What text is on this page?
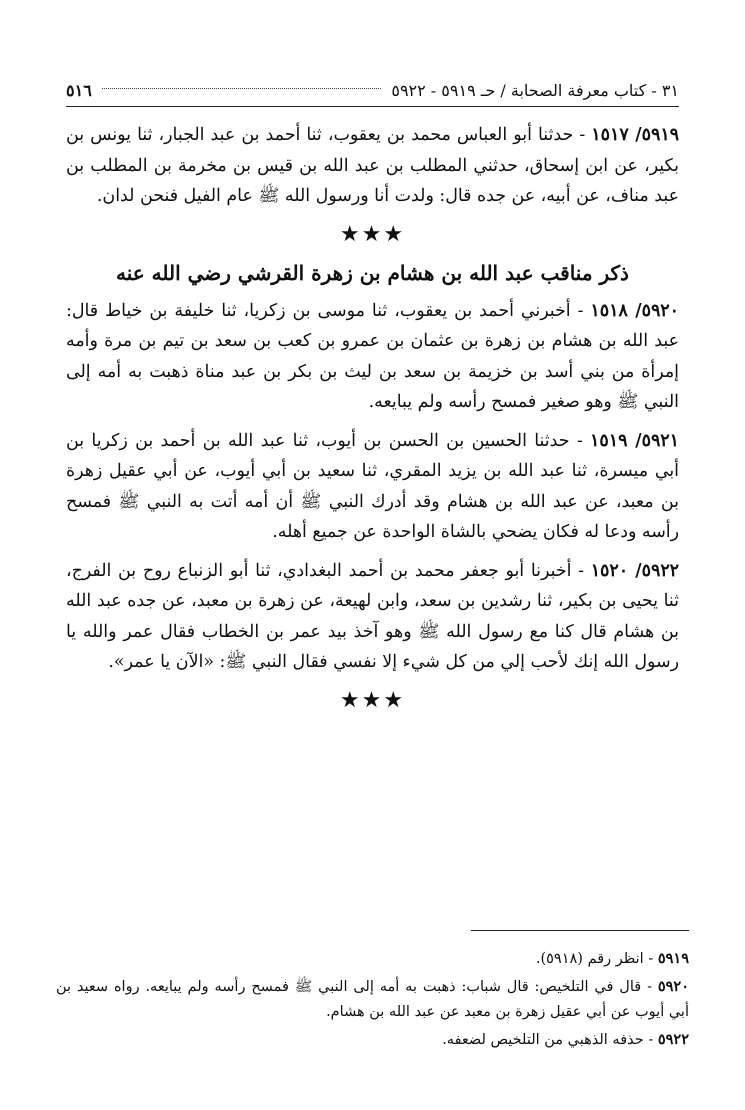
٣١ - كتاب معرفة الصحابة / حـ ٥٩١٩ - ٥٩٢٢
٥١٦

٥٩١٩/ ١٥١٧ - حدثنا أبو العباس محمد بن يعقوب، ثنا أحمد بن عبد الجبار، ثنا يونس بن بكير، عن ابن إسحاق، حدثني المطلب بن عبد الله بن قيس بن مخرمة بن المطلب بن عبد مناف، عن أبيه، عن جده قال: ولدت أنا ورسول الله ﷺ عام الفيل فنحن لدان.

★★★
ذكر مناقب عبد الله بن هشام بن زهرة القرشي رضي الله عنه

٥٩٢٠/ ١٥١٨ - أخبرني أحمد بن يعقوب، ثنا موسى بن زكريا، ثنا خليفة بن خياط قال: عبد الله بن هشام بن زهرة بن عثمان بن عمرو بن كعب بن سعد بن تيم بن مرة وأمه إمرأة من بني أسد بن خزيمة بن سعد بن ليث بن بكر بن عبد مناة ذهبت به أمه إلى النبي ﷺ وهو صغير فمسح رأسه ولم يبايعه.

٥٩٢١/ ١٥١٩ - حدثنا الحسين بن الحسن بن أيوب، ثنا عبد الله بن أحمد بن زكريا بن أبي ميسرة، ثنا عبد الله بن يزيد المقري، ثنا سعيد بن أبي أيوب، عن أبي عقيل زهرة بن معبد، عن عبد الله بن هشام وقد أدرك النبي ﷺ أن أمه أتت به النبي ﷺ فمسح رأسه ودعا له فكان يضحي بالشاة الواحدة عن جميع أهله.

٥٩٢٢/ ١٥٢٠ - أخبرنا أبو جعفر محمد بن أحمد البغدادي، ثنا أبو الزنباع روح بن الفرج، ثنا يحيى بن بكير، ثنا رشدين بن سعد، وابن لهيعة، عن زهرة بن معبد، عن جده عبد الله بن هشام قال كنا مع رسول الله ﷺ وهو آخذ بيد عمر بن الخطاب فقال عمر والله يا رسول الله إنك لأحب إلي من كل شيء إلا نفسي فقال النبي ﷺ: «الآن يا عمر».

★★★

٥٩١٩ - انظر رقم (٥٩١٨).

٥٩٢٠ - قال في التلخيص: قال شباب: ذهبت به أمه إلى النبي ﷺ فمسح رأسه ولم يبايعه. رواه سعيد بن أبي أيوب عن أبي عقيل زهرة بن معبد عن عبد الله بن هشام.

٥٩٢٢ - حذفه الذهبي من التلخيص لضعفه.
